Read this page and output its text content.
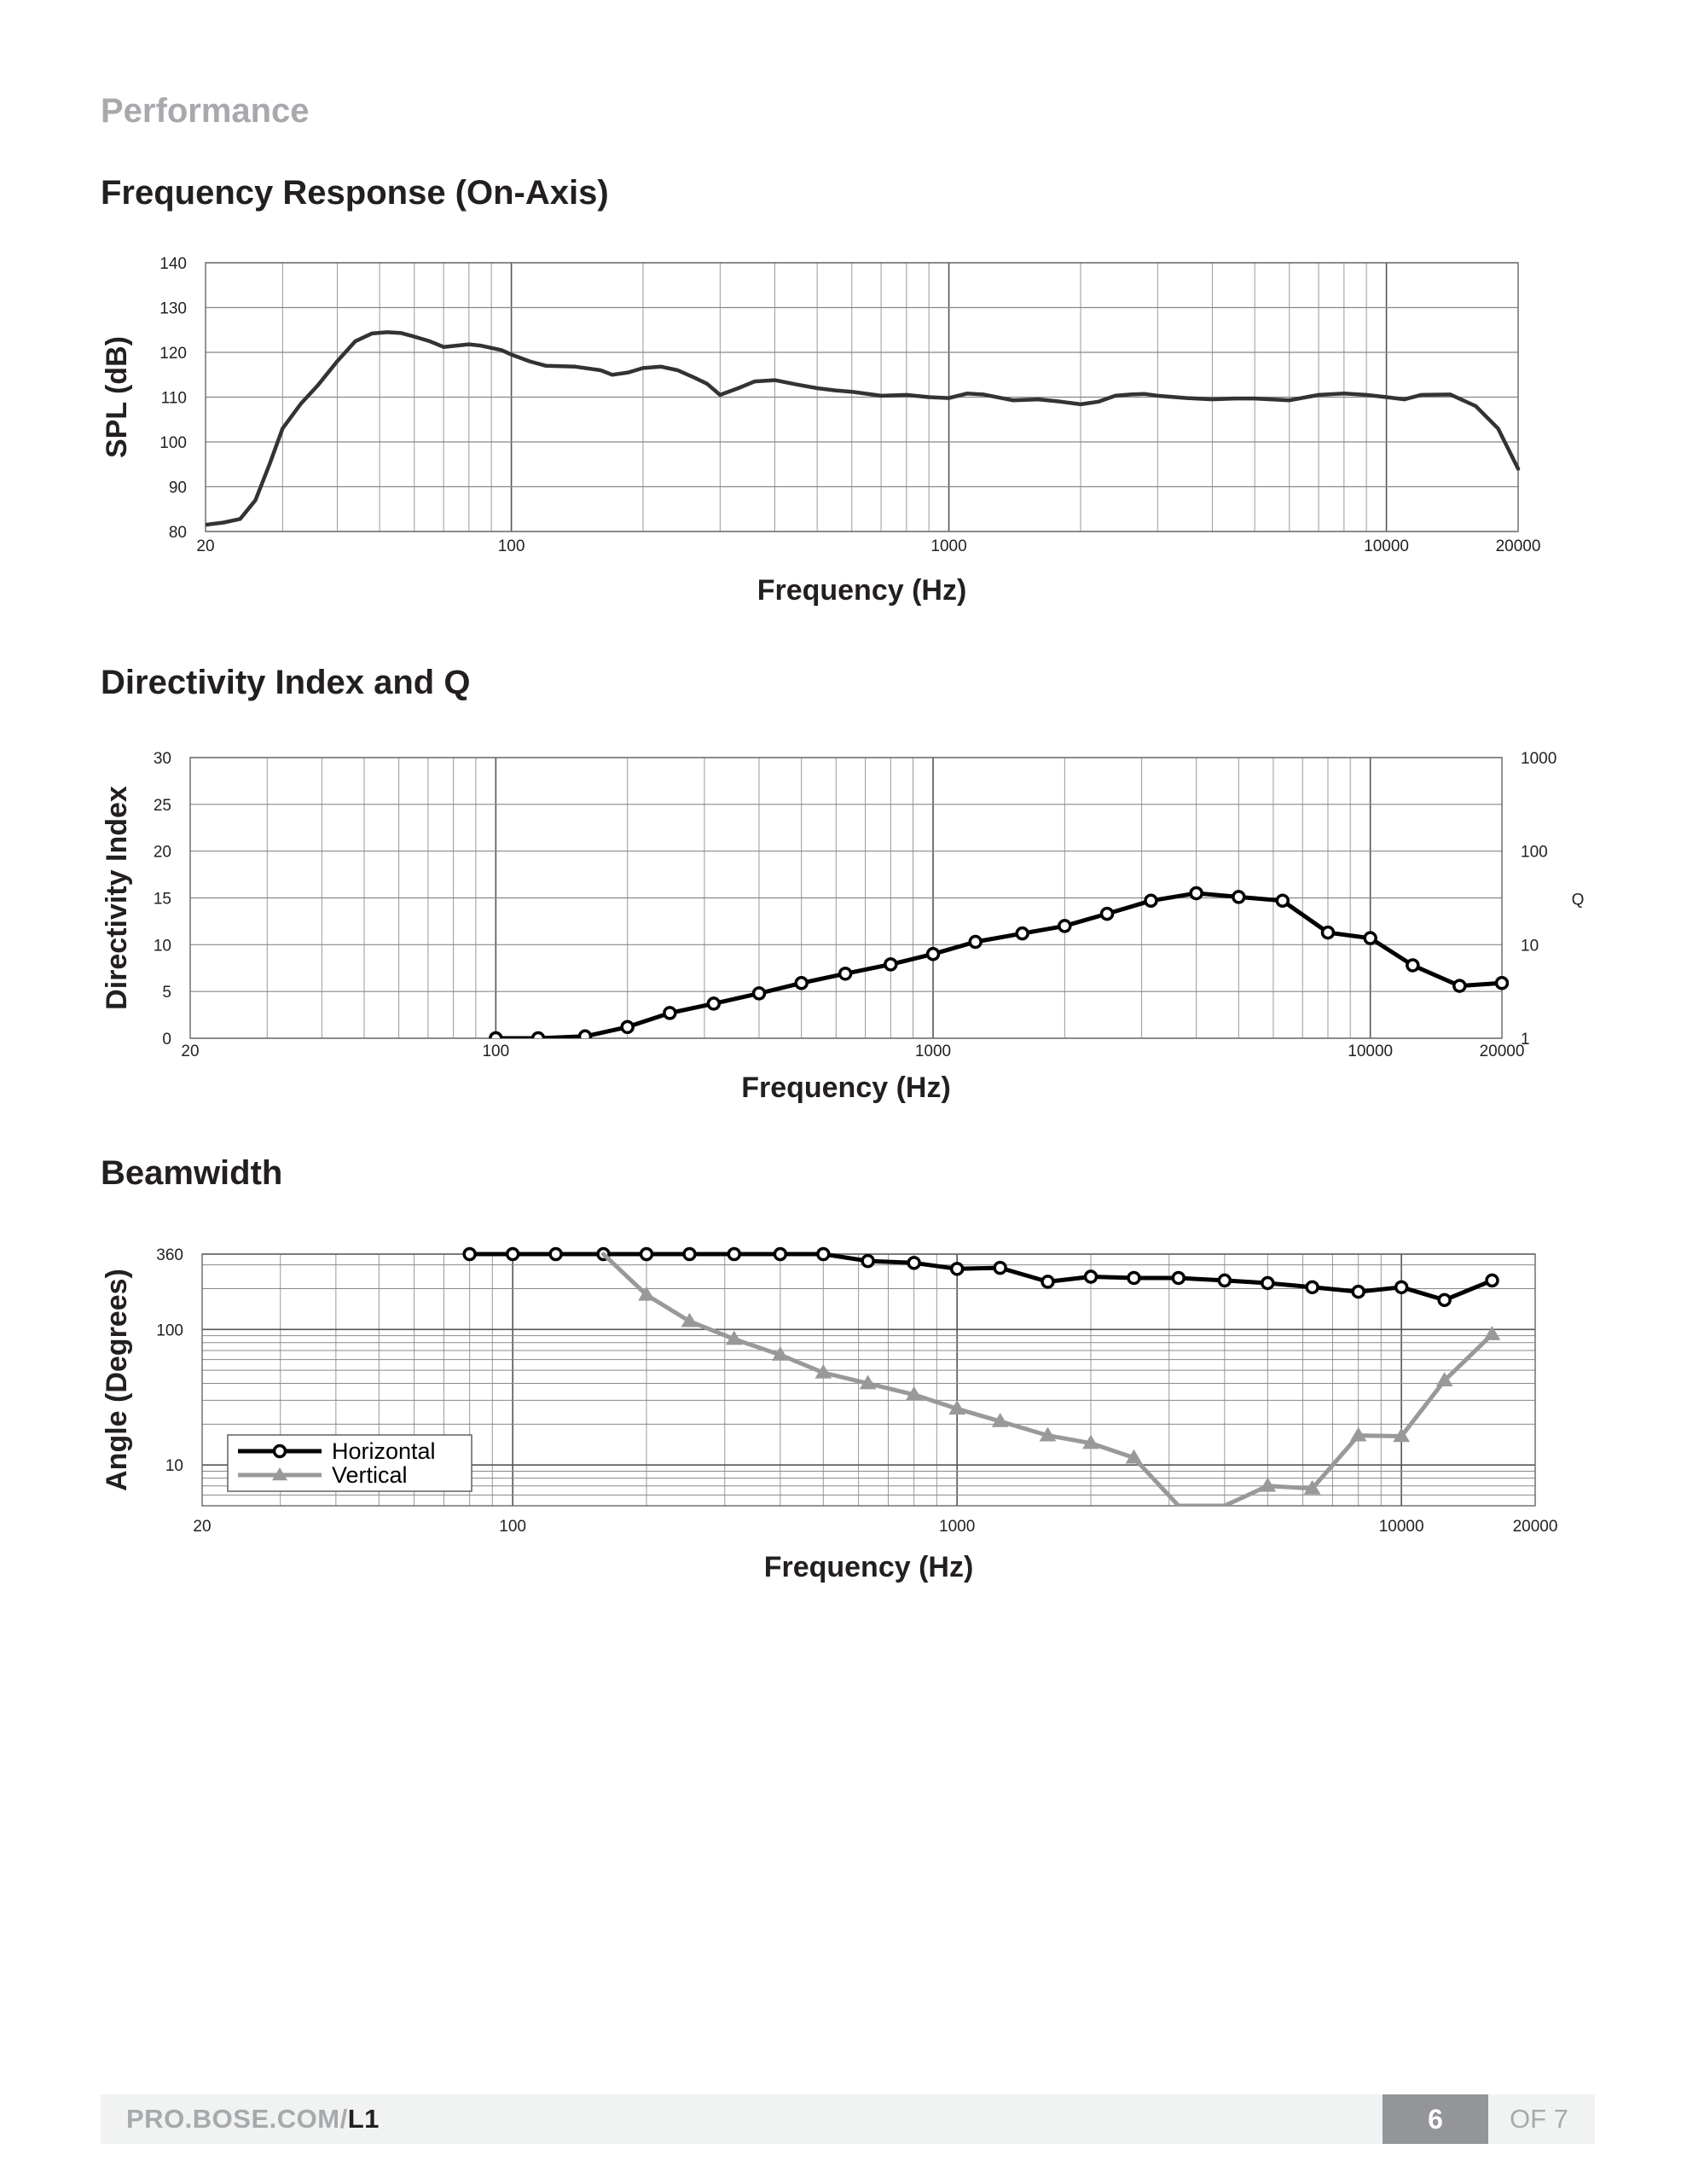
Performance
Frequency Response (On-Axis)
20	100	1000	10000	20000
80
90
100
110
120
130
140
Frequency (Hz)
SPL (dB)
Directivity Index and Q
20	100	1000	10000	20000
0
5
10
15
20
25
30
1
10
100
1000
Q
Frequency (Hz)
Directivity Index
Beamwidth
20	100	1000	10000	20000
10
100
360
Frequency (Hz)
Angle (Degrees)	Horizontal
Vertical
PRO.BOSE.COM/L1	6	OF 7
